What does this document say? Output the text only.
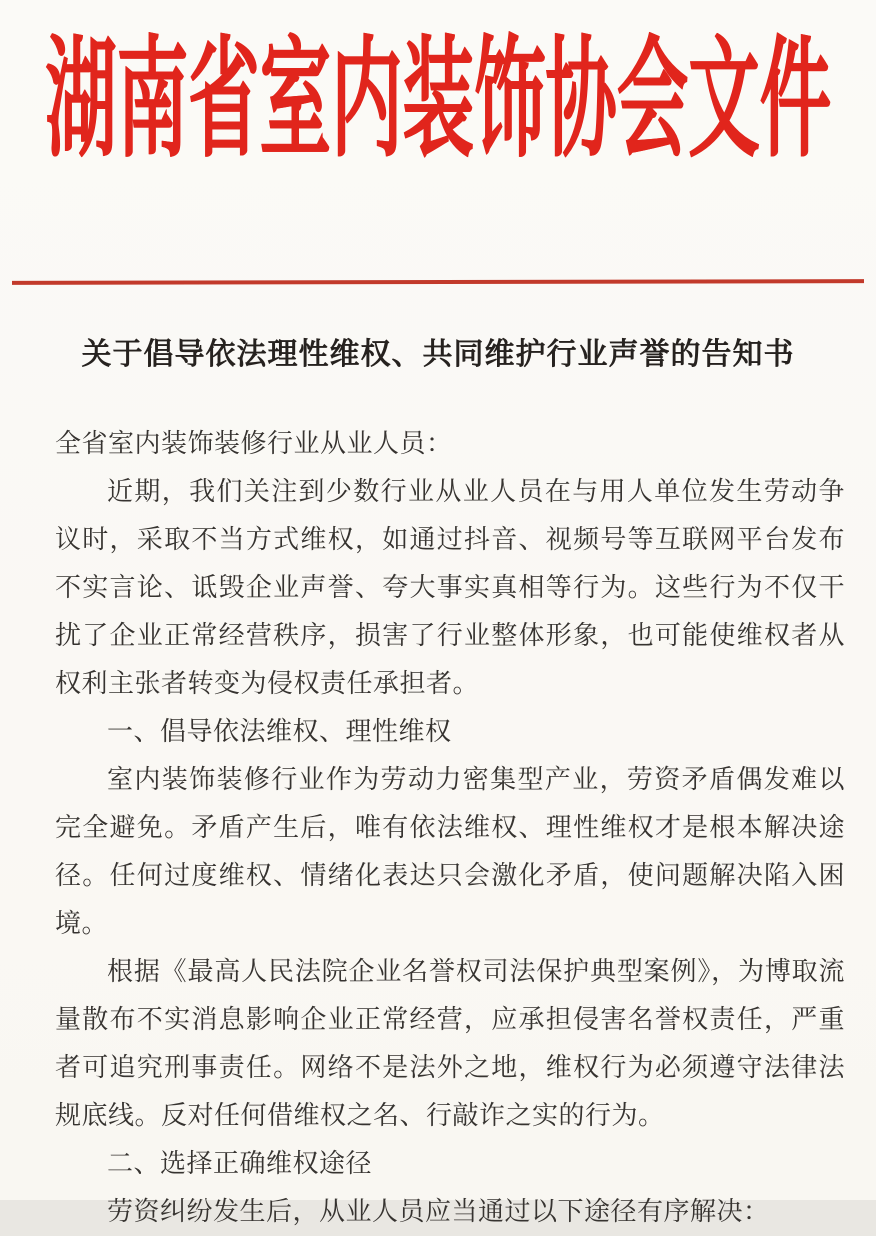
湖南省室内装饰协会文件
关于倡导依法理性维权、共同维护行业声誉的告知书

全省室内装饰装修行业从业人员：

近期，我们关注到少数行业从业人员在与用人单位发生劳动争议时，采取不当方式维权，如通过抖音、视频号等互联网平台发布不实言论、诋毁企业声誉、夸大事实真相等行为。这些行为不仅干扰了企业正常经营秩序，损害了行业整体形象，也可能使维权者从权利主张者转变为侵权责任承担者。

一、倡导依法维权、理性维权

室内装饰装修行业作为劳动力密集型产业，劳资矛盾偶发难以完全避免。矛盾产生后，唯有依法维权、理性维权才是根本解决途径。任何过度维权、情绪化表达只会激化矛盾，使问题解决陷入困境。

根据《最高人民法院企业名誉权司法保护典型案例》，为博取流量散布不实消息影响企业正常经营，应承担侵害名誉权责任，严重者可追究刑事责任。网络不是法外之地，维权行为必须遵守法律法规底线。反对任何借维权之名、行敲诈之实的行为。

二、选择正确维权途径

劳资纠纷发生后，从业人员应当通过以下途径有序解决：
